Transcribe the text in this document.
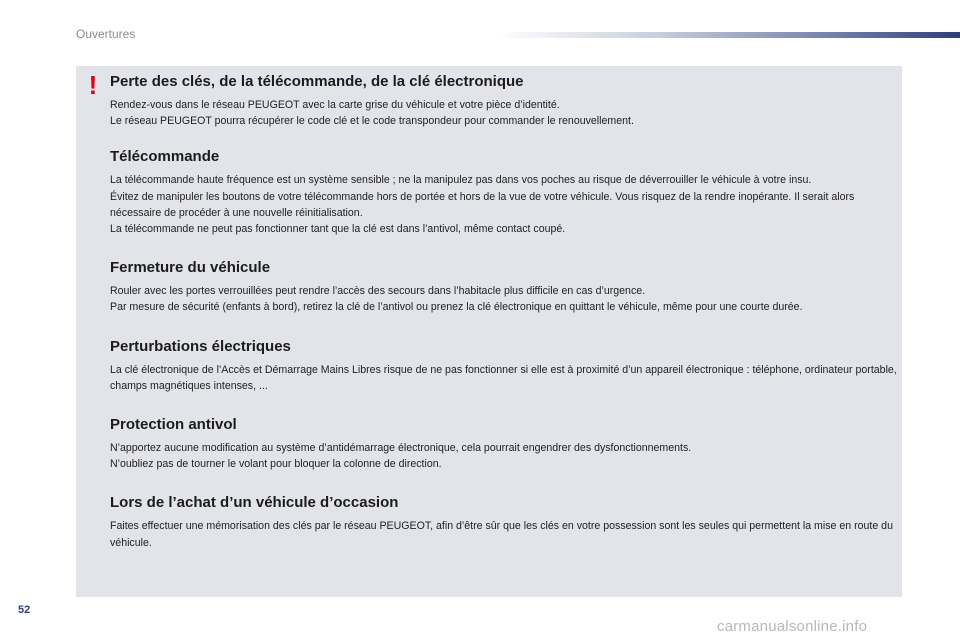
Ouvertures
! Perte des clés, de la télécommande, de la clé électronique

Rendez-vous dans le réseau PEUGEOT avec la carte grise du véhicule et votre pièce d’identité.
Le réseau PEUGEOT pourra récupérer le code clé et le code transpondeur pour commander le renouvellement.

Télécommande

La télécommande haute fréquence est un système sensible ; ne la manipulez pas dans vos poches au risque de déverrouiller le véhicule à votre insu.
Évitez de manipuler les boutons de votre télécommande hors de portée et hors de la vue de votre véhicule. Vous risquez de la rendre inopérante. Il serait alors nécessaire de procéder à une nouvelle réinitialisation.
La télécommande ne peut pas fonctionner tant que la clé est dans l’antivol, même contact coupé.

Fermeture du véhicule

Rouler avec les portes verrouillées peut rendre l’accès des secours dans l’habitacle plus difficile en cas d’urgence.
Par mesure de sécurité (enfants à bord), retirez la clé de l’antivol ou prenez la clé électronique en quittant le véhicule, même pour une courte durée.

Perturbations électriques

La clé électronique de l’Accès et Démarrage Mains Libres risque de ne pas fonctionner si elle est à proximité d’un appareil électronique : téléphone, ordinateur portable, champs magnétiques intenses, ...

Protection antivol

N’apportez aucune modification au système d’antidémarrage électronique, cela pourrait engendrer des dysfonctionnements.
N’oubliez pas de tourner le volant pour bloquer la colonne de direction.

Lors de l’achat d’un véhicule d’occasion

Faites effectuer une mémorisation des clés par le réseau PEUGEOT, afin d’être sûr que les clés en votre possession sont les seules qui permettent la mise en route du véhicule.

52
carmanualsonline.info
